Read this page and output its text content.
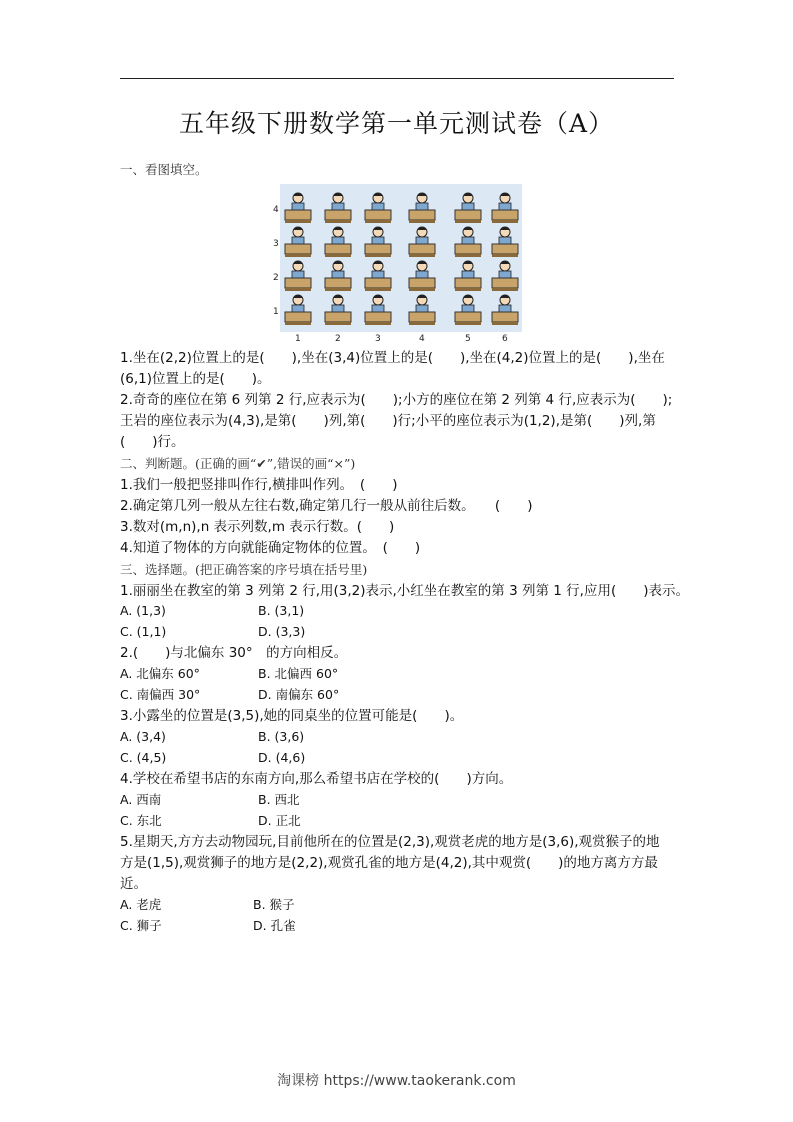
五年级下册数学第一单元测试卷（A）
一、看图填空。
4
3
2
1
1	2	3	4	5	6
1.坐在(2,2)位置上的是(　　),坐在(3,4)位置上的是(　　),坐在(4,2)位置上的是(　　),坐在
(6,1)位置上的是(　　)。
2.奇奇的座位在第 6 列第 2 行,应表示为(　　);小方的座位在第 2 列第 4 行,应表示为(　　);
王岩的座位表示为(4,3),是第(　　)列,第(　　)行;小平的座位表示为(1,2),是第(　　)列,第
(　　)行。
二、判断题。(正确的画“✔”,错误的画“×”)
1.我们一般把竖排叫作行,横排叫作列。　(　　)
2.确定第几列一般从左往右数,确定第几行一般从前往后数。　　(　　)
3.数对(m,n),n 表示列数,m 表示行数。(　　)
4.知道了物体的方向就能确定物体的位置。　(　　)
三、选择题。(把正确答案的序号填在括号里)
1.丽丽坐在教室的第 3 列第 2 行,用(3,2)表示,小红坐在教室的第 3 列第 1 行,应用(　　)表示。
A. (1,3)	B. (3,1)
C. (1,1)	D. (3,3)
2.(　　)与北偏东 30°　的方向相反。
A. 北偏东 60°	B. 北偏西 60°
C. 南偏西 30°	D. 南偏东 60°
3.小露坐的位置是(3,5),她的同桌坐的位置可能是(　　)。
A. (3,4)	B. (3,6)
C. (4,5)	D. (4,6)
4.学校在希望书店的东南方向,那么希望书店在学校的(　　)方向。
A. 西南	B. 西北
C. 东北	D. 正北
5.星期天,方方去动物园玩,目前他所在的位置是(2,3),观赏老虎的地方是(3,6),观赏猴子的地
方是(1,5),观赏狮子的地方是(2,2),观赏孔雀的地方是(4,2),其中观赏(　　)的地方离方方最
近。
A. 老虎	B. 猴子
C. 狮子	D. 孔雀
淘课榜 https://www.taokerank.com
